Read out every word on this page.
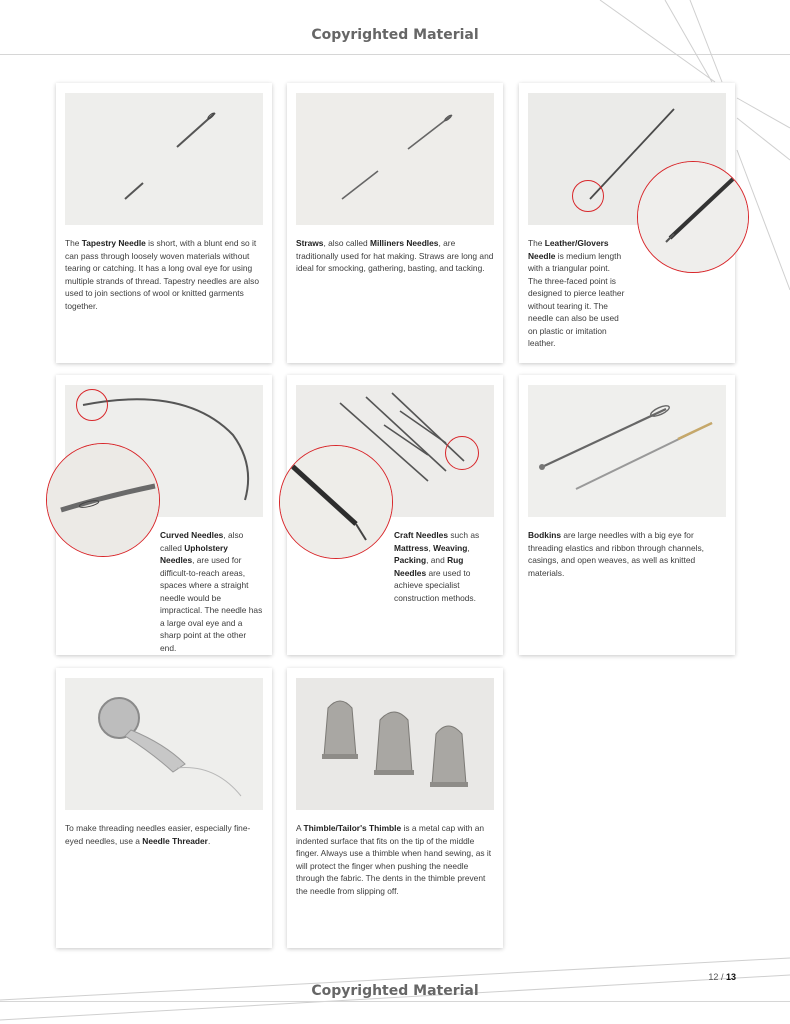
Copyrighted Material
The Tapestry Needle is short, with a blunt end so it can pass through loosely woven materials without tearing or catching. It has a long oval eye for using multiple strands of thread. Tapestry needles are also used to join sections of wool or knitted garments together.
Straws, also called Milliners Needles, are traditionally used for hat making. Straws are long and ideal for smocking, gathering, basting, and tacking.
The Leather/Glovers Needle is medium length with a triangular point. The three-faced point is designed to pierce leather without tearing it. The needle can also be used on plastic or imitation leather.
Curved Needles, also called Upholstery Needles, are used for difficult-to-reach areas, spaces where a straight needle would be impractical. The needle has a large oval eye and a sharp point at the other end.
Craft Needles such as Mattress, Weaving, Packing, and Rug Needles are used to achieve specialist construction methods.
Bodkins are large needles with a big eye for threading elastics and ribbon through channels, casings, and open weaves, as well as knitted materials.
To make threading needles easier, especially fine-eyed needles, use a Needle Threader.
A Thimble/Tailor's Thimble is a metal cap with an indented surface that fits on the tip of the middle finger. Always use a thimble when hand sewing, as it will protect the finger when pushing the needle through the fabric. The dents in the thimble prevent the needle from slipping off.
12 / 13
Copyrighted Material
